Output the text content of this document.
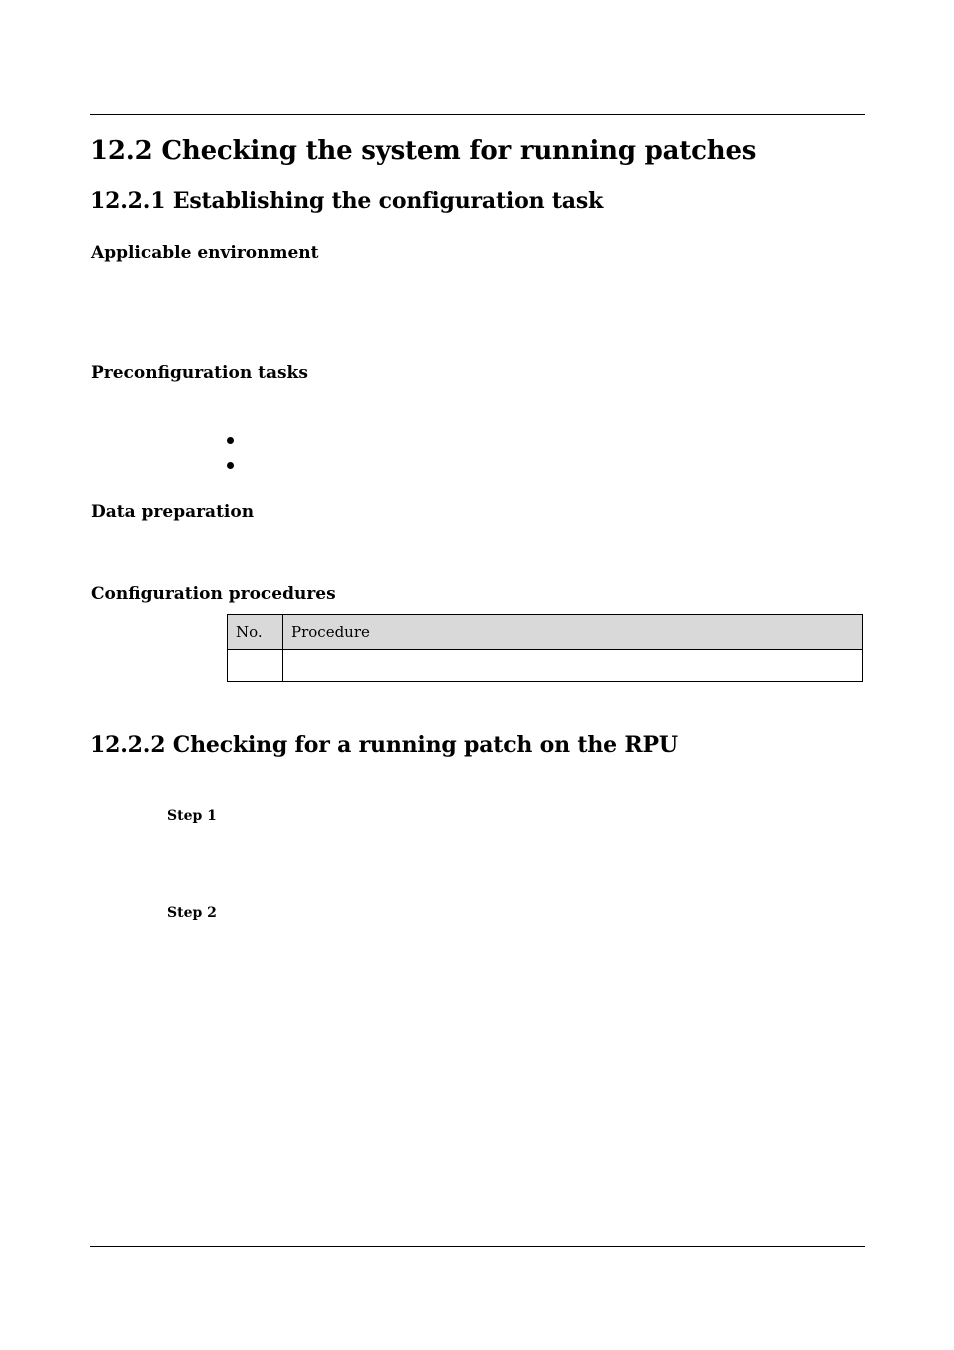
12.2 Checking the system for running patches
12.2.1 Establishing the configuration task
Applicable environment
Preconfiguration tasks
Data preparation
Configuration procedures
No.	Procedure

12.2.2 Checking for a running patch on the RPU

Step 1

Step 2
